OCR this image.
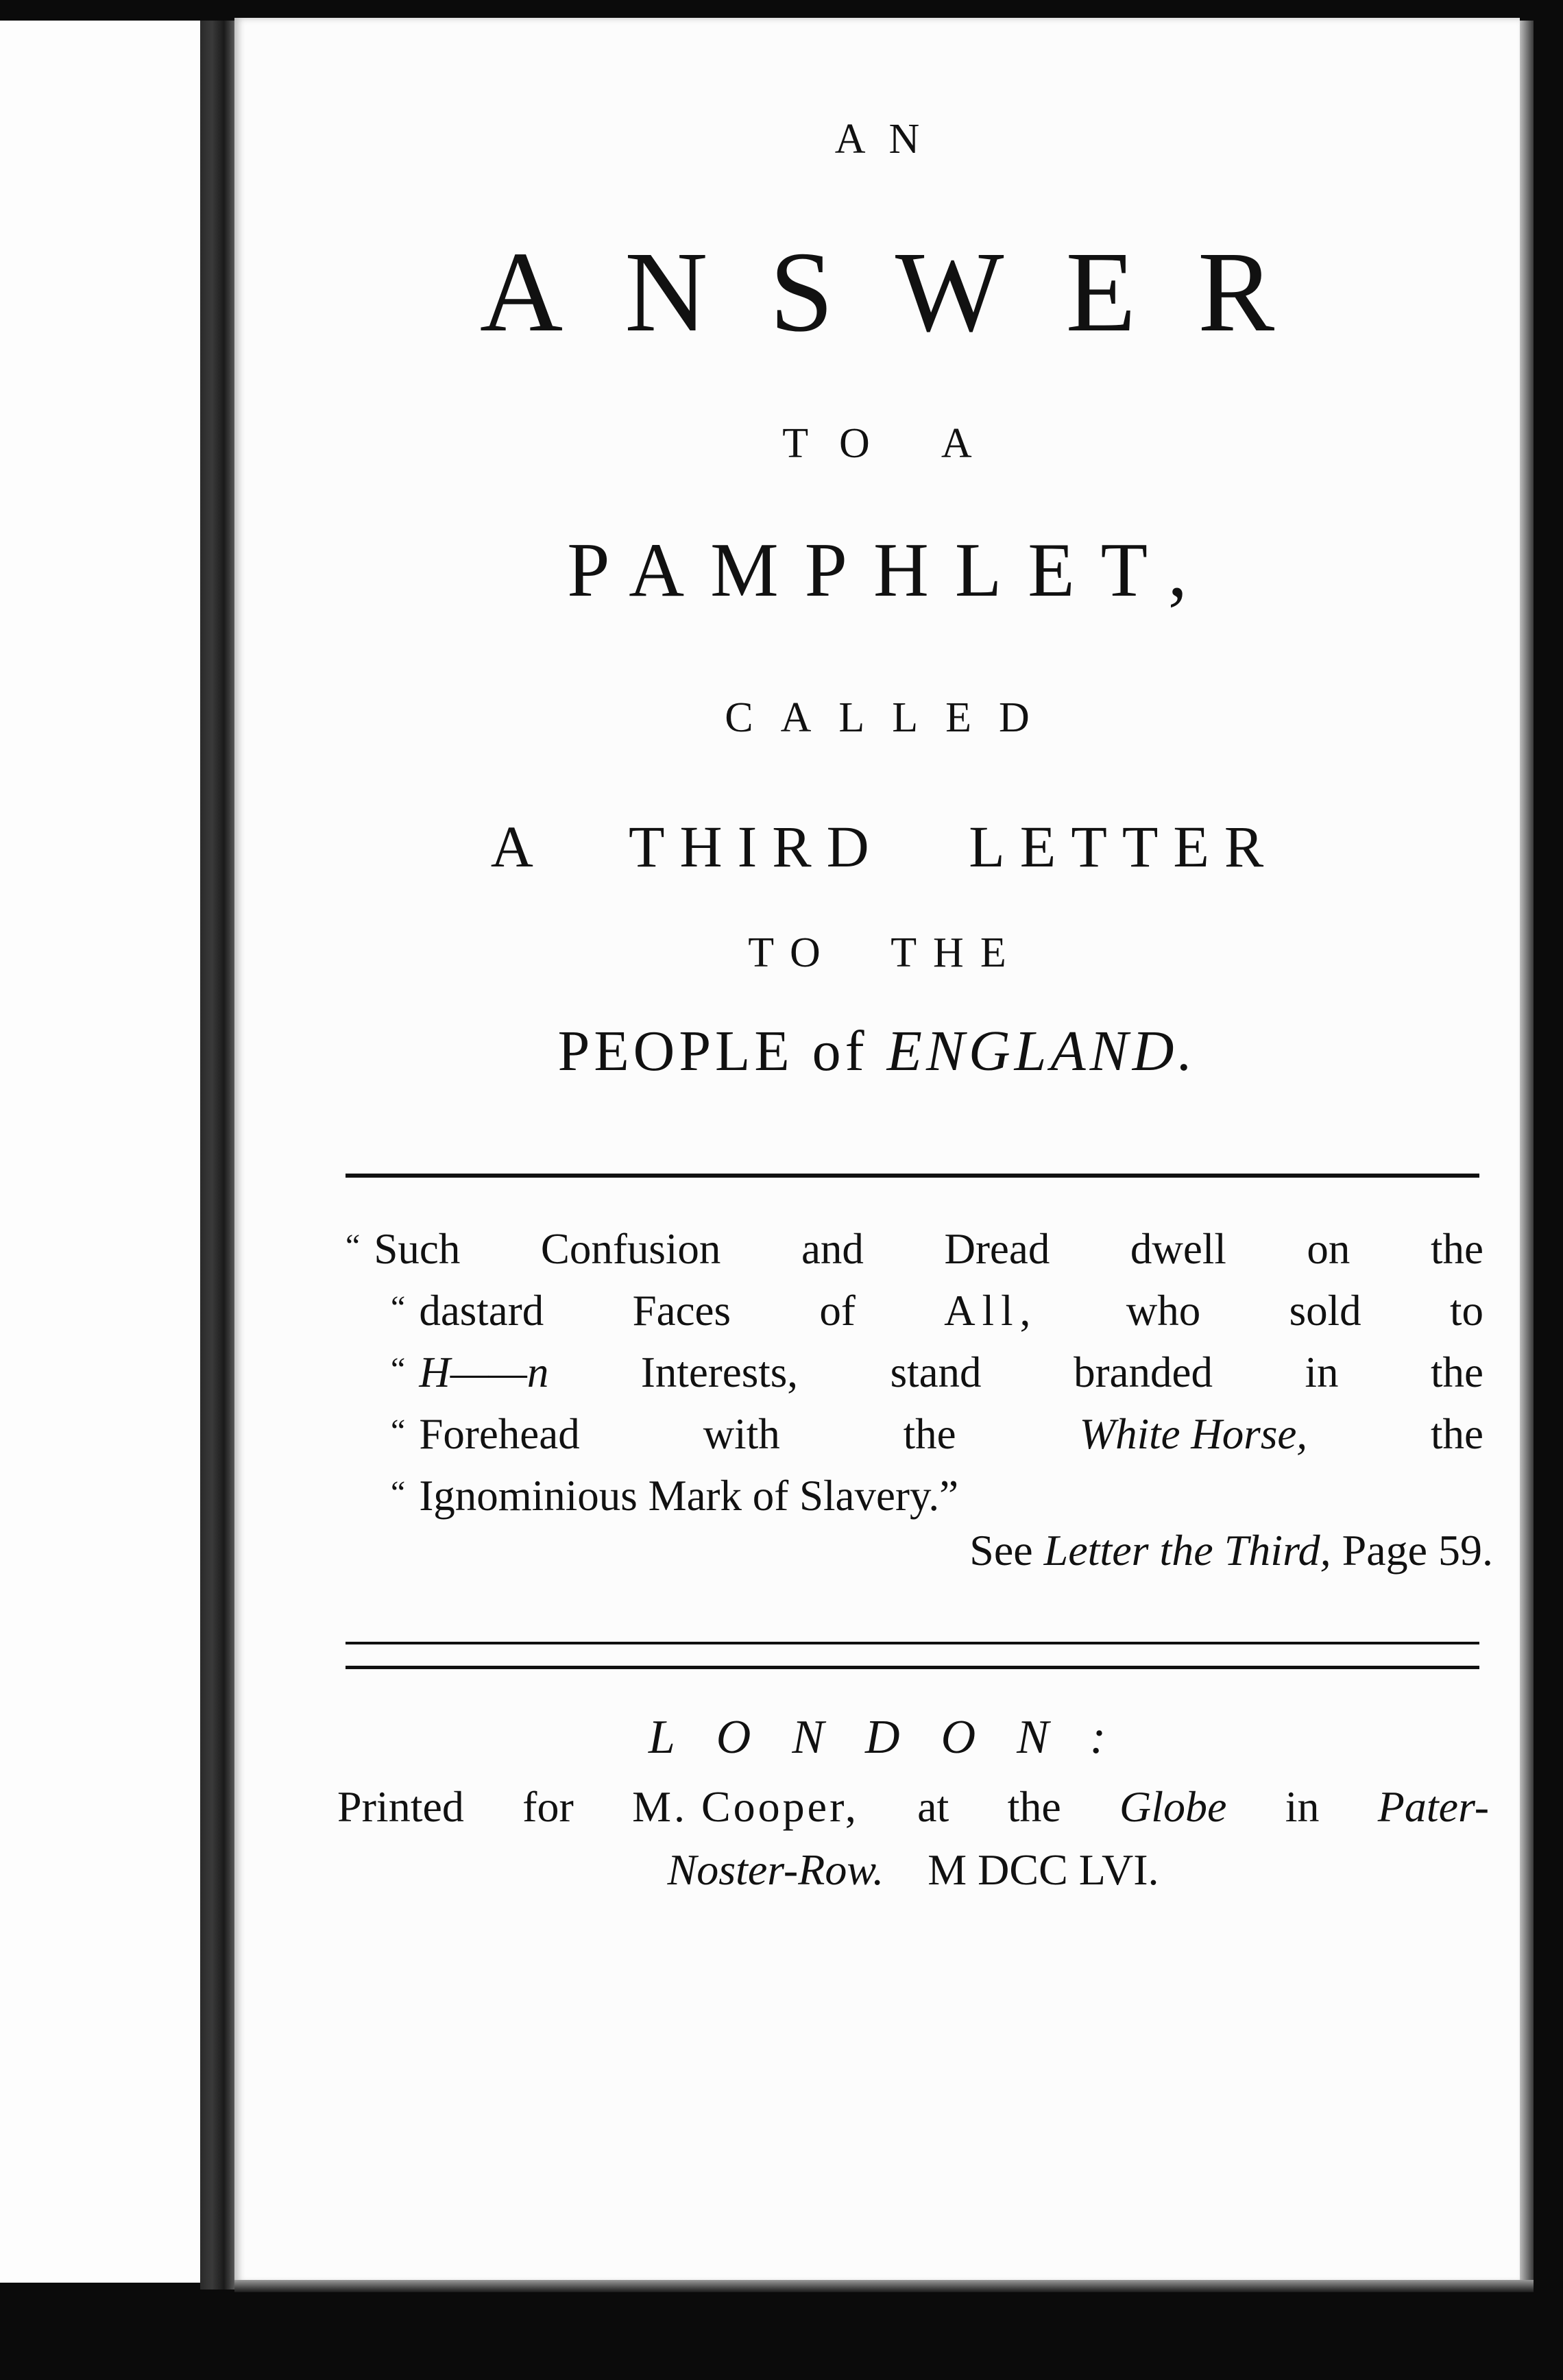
AN
ANSWER
TO A
PAMPHLET,
CALLED
A THIRD LETTER
TO THE
PEOPLE of ENGLAND.
“ Such Confusion and Dread dwell on the
“ dastard Faces of All, who sold to
“ H——n Interests, stand branded in the
“ Forehead	with	the	White Horse,	the
“ Ignominious Mark of Slavery.”
See Letter the Third, Page 59.
LONDON:
Printed for M. Cooper, at the Globe in Pater-
Noster-Row. M DCC LVI.
